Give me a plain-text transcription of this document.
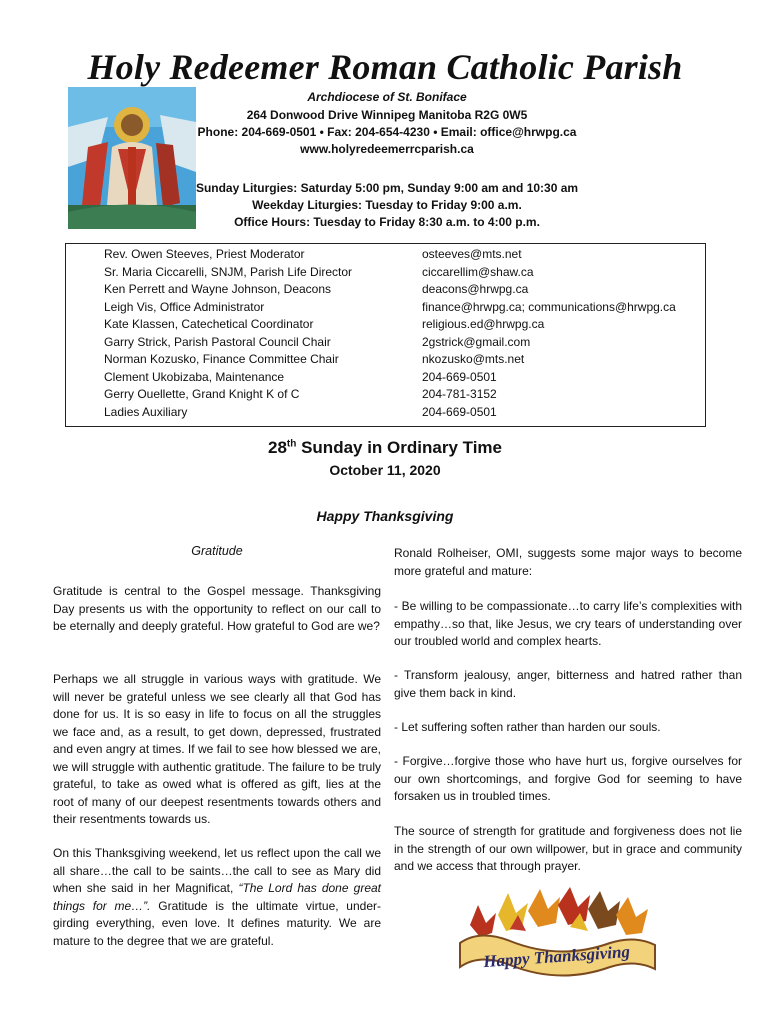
Holy Redeemer Roman Catholic Parish
Archdiocese of St. Boniface
264 Donwood Drive Winnipeg Manitoba R2G 0W5
Phone: 204-669-0501 • Fax: 204-654-4230 • Email: office@hrwpg.ca
www.holyredeemerrcparish.ca
Sunday Liturgies: Saturday 5:00 pm, Sunday 9:00 am and 10:30 am
Weekday Liturgies: Tuesday to Friday 9:00 a.m.
Office Hours: Tuesday to Friday 8:30 a.m. to 4:00 p.m.
Rev. Owen Steeves, Priest Moderator	osteeves@mts.net
Sr. Maria Ciccarelli, SNJM, Parish Life Director	ciccarellim@shaw.ca
Ken Perrett and Wayne Johnson, Deacons	deacons@hrwpg.ca
Leigh Vis, Office Administrator	finance@hrwpg.ca; communications@hrwpg.ca
Kate Klassen, Catechetical Coordinator	religious.ed@hrwpg.ca
Garry Strick, Parish Pastoral Council Chair	2gstrick@gmail.com
Norman Kozusko, Finance Committee Chair	nkozusko@mts.net
Clement Ukobizaba, Maintenance	204-669-0501
Gerry Ouellette, Grand Knight K of C	204-781-3152
Ladies Auxiliary	204-669-0501
28th Sunday in Ordinary Time
October 11, 2020
Happy Thanksgiving
Gratitude

Gratitude is central to the Gospel message. Thanksgiving Day presents us with the opportunity to reflect on our call to be eternally and deeply grateful. How grateful to God are we?

Perhaps we all struggle in various ways with gratitude. We will never be grateful unless we see clearly all that God has done for us. It is so easy in life to focus on all the struggles we face and, as a result, to get down, depressed, frustrated and even angry at times. If we fail to see how blessed we are, we will struggle with authentic gratitude. The failure to be truly grateful, to take as owed what is offered as gift, lies at the root of many of our deepest resentments towards others and their resentments towards us.

On this Thanksgiving weekend, let us reflect upon the call we all share…the call to be saints…the call to see as Mary did when she said in her Magnificat, “The Lord has done great things for me…”. Gratitude is the ultimate virtue, under-girding everything, even love. It defines maturity. We are mature to the degree that we are grateful.

Ronald Rolheiser, OMI, suggests some major ways to become more grateful and mature:

- Be willing to be compassionate…to carry life’s complexities with empathy…so that, like Jesus, we cry tears of understanding over our troubled world and complex hearts.

- Transform jealousy, anger, bitterness and hatred rather than give them back in kind.

- Let suffering soften rather than harden our souls.

- Forgive…forgive those who have hurt us, forgive ourselves for our own shortcomings, and forgive God for seeming to have forsaken us in troubled times.

The source of strength for gratitude and forgiveness does not lie in the strength of our own willpower, but in grace and community and we access that through prayer.

Happy Thanksgiving
